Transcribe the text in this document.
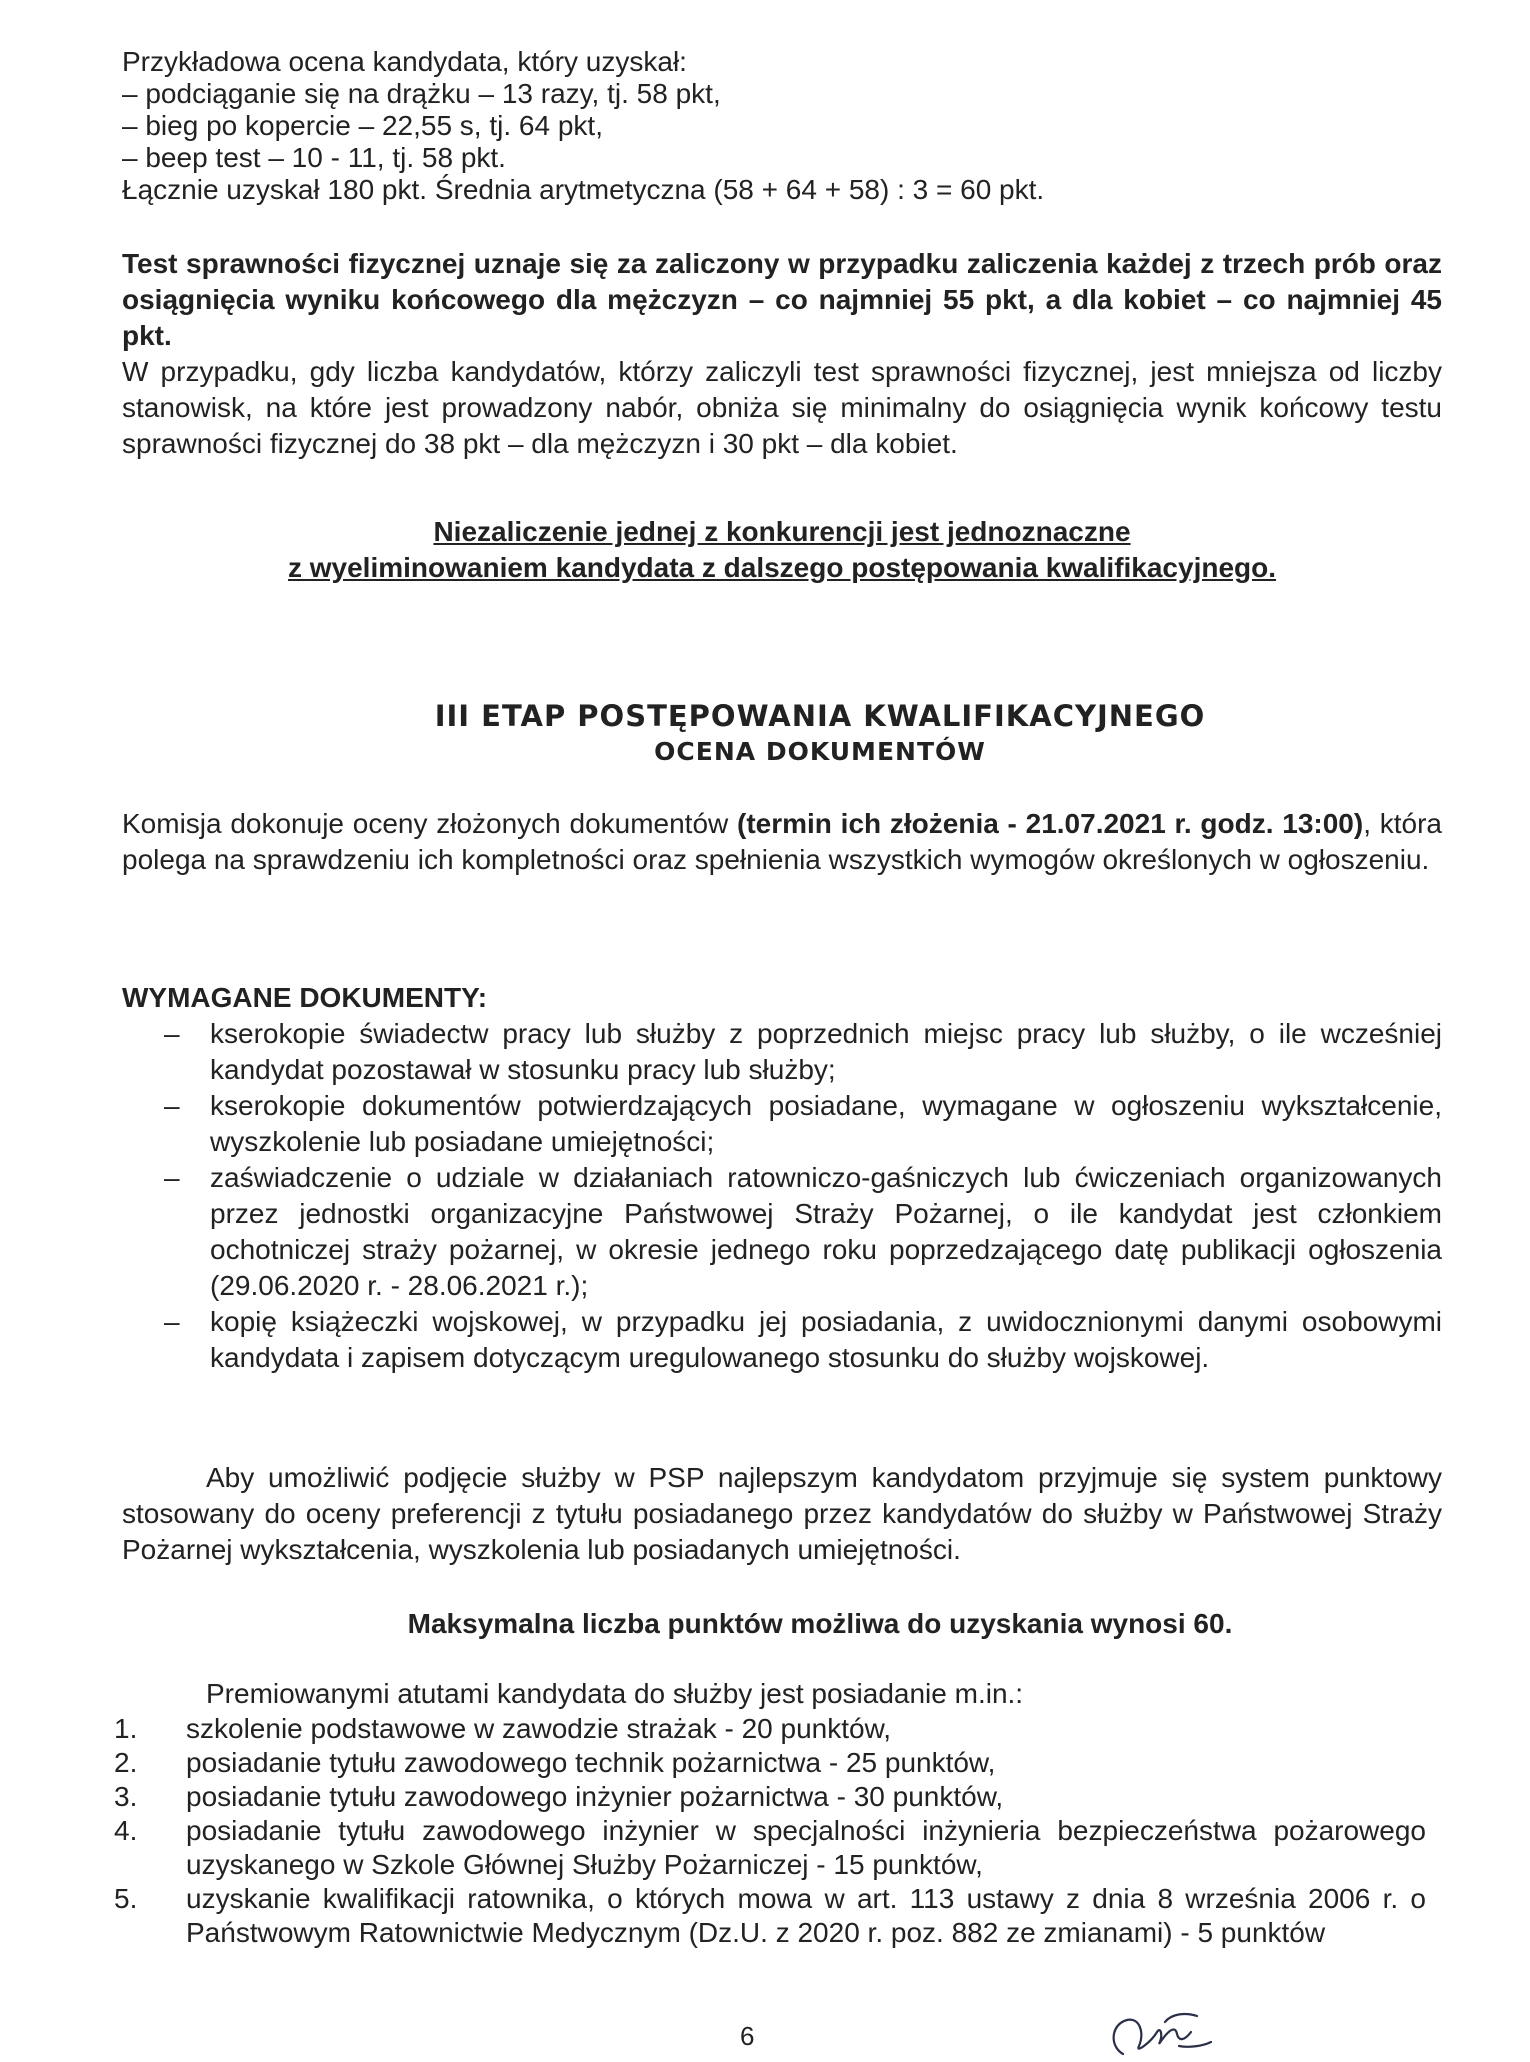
Przykładowa ocena kandydata, który uzyskał:
– podciąganie się na drążku – 13 razy, tj. 58 pkt,
– bieg po kopercie – 22,55 s, tj. 64 pkt,
– beep test – 10 - 11, tj. 58 pkt.
Łącznie uzyskał 180 pkt. Średnia arytmetyczna (58 + 64 + 58) : 3 = 60 pkt.
Test sprawności fizycznej uznaje się za zaliczony w przypadku zaliczenia każdej z trzech prób oraz osiągnięcia wyniku końcowego dla mężczyzn – co najmniej 55 pkt, a dla kobiet – co najmniej 45 pkt.
W przypadku, gdy liczba kandydatów, którzy zaliczyli test sprawności fizycznej, jest mniejsza od liczby stanowisk, na które jest prowadzony nabór, obniża się minimalny do osiągnięcia wynik końcowy testu sprawności fizycznej do 38 pkt – dla mężczyzn i 30 pkt – dla kobiet.
Niezaliczenie jednej z konkurencji jest jednoznaczne
z wyeliminowaniem kandydata z dalszego postępowania kwalifikacyjnego.
III ETAP POSTĘPOWANIA KWALIFIKACYJNEGO
OCENA DOKUMENTÓW
Komisja dokonuje oceny złożonych dokumentów (termin ich złożenia - 21.07.2021 r. godz. 13:00), która polega na sprawdzeniu ich kompletności oraz spełnienia wszystkich wymogów określonych w ogłoszeniu.
WYMAGANE DOKUMENTY:
– kserokopie świadectw pracy lub służby z poprzednich miejsc pracy lub służby, o ile wcześniej kandydat pozostawał w stosunku pracy lub służby;
– kserokopie dokumentów potwierdzających posiadane, wymagane w ogłoszeniu wykształcenie, wyszkolenie lub posiadane umiejętności;
– zaświadczenie o udziale w działaniach ratowniczo-gaśniczych lub ćwiczeniach organizowanych przez jednostki organizacyjne Państwowej Straży Pożarnej, o ile kandydat jest członkiem ochotniczej straży pożarnej, w okresie jednego roku poprzedzającego datę publikacji ogłoszenia (29.06.2020 r. - 28.06.2021 r.);
– kopię książeczki wojskowej, w przypadku jej posiadania, z uwidocznionymi danymi osobowymi kandydata i zapisem dotyczącym uregulowanego stosunku do służby wojskowej.
Aby umożliwić podjęcie służby w PSP najlepszym kandydatom przyjmuje się system punktowy stosowany do oceny preferencji z tytułu posiadanego przez kandydatów do służby w Państwowej Straży Pożarnej wykształcenia, wyszkolenia lub posiadanych umiejętności.
Maksymalna liczba punktów możliwa do uzyskania wynosi 60.
Premiowanymi atutami kandydata do służby jest posiadanie m.in.:
1. szkolenie podstawowe w zawodzie strażak - 20 punktów,
2. posiadanie tytułu zawodowego technik pożarnictwa - 25 punktów,
3. posiadanie tytułu zawodowego inżynier pożarnictwa - 30 punktów,
4. posiadanie tytułu zawodowego inżynier w specjalności inżynieria bezpieczeństwa pożarowego uzyskanego w Szkole Głównej Służby Pożarniczej - 15 punktów,
5. uzyskanie kwalifikacji ratownika, o których mowa w art. 113 ustawy z dnia 8 września 2006 r. o Państwowym Ratownictwie Medycznym (Dz.U. z 2020 r. poz. 882 ze zmianami) - 5 punktów
6
